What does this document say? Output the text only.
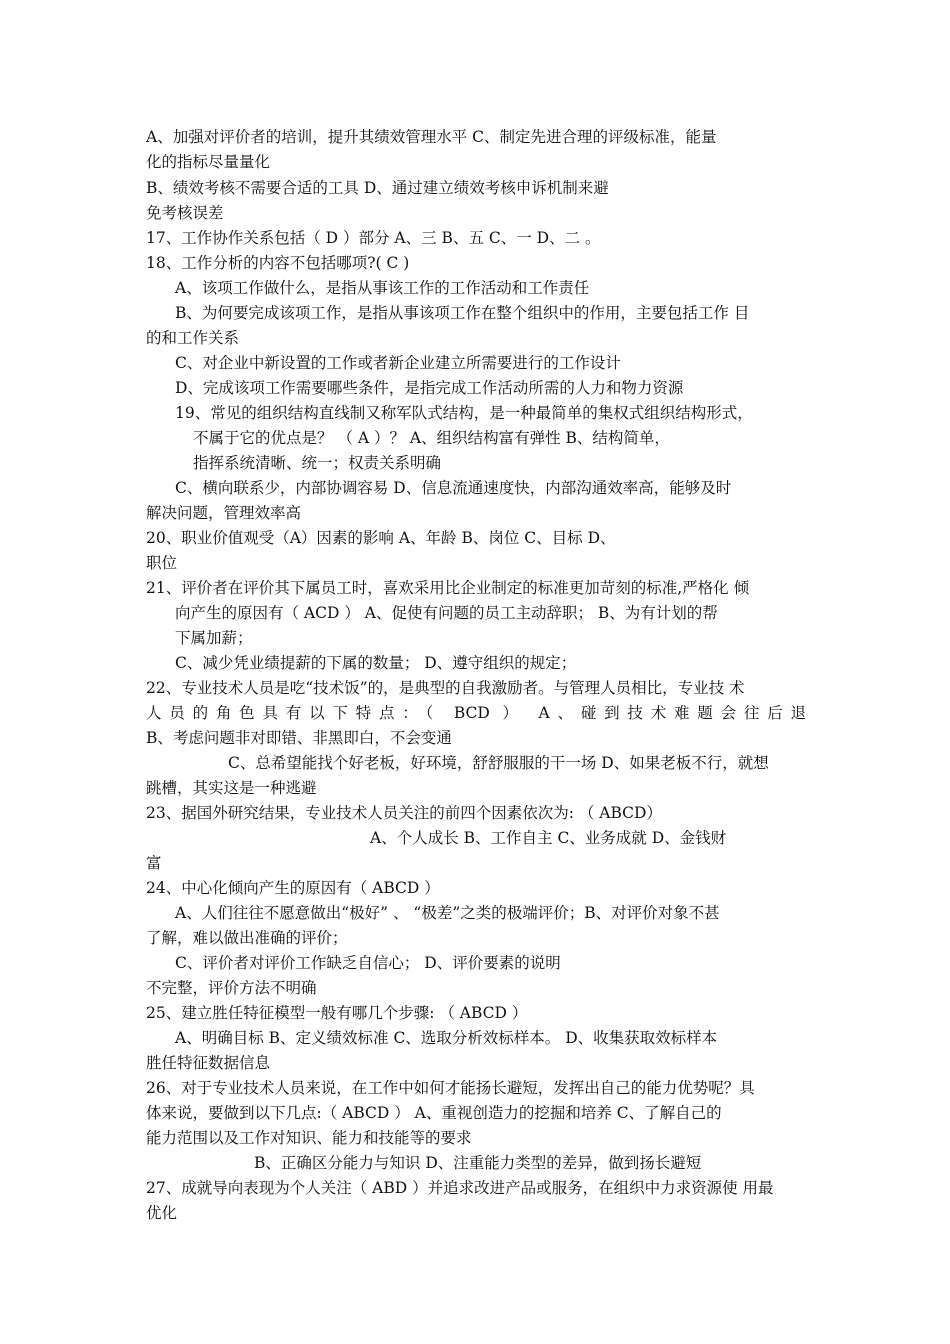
A、加强对评价者的培训，提升其绩效管理水平 C、制定先进合理的评级标准，能量
化的指标尽量量化
B、绩效考核不需要合适的工具 D、通过建立绩效考核申诉机制来避
免考核误差
17、工作协作关系包括（ D ）部分 A、三 B、五 C、一 D、二 。
18、工作分析的内容不包括哪项?( C )
A、该项工作做什么，是指从事该工作的工作活动和工作责任
B、为何要完成该项工作，是指从事该项工作在整个组织中的作用，主要包括工作 目
的和工作关系
C、对企业中新设置的工作或者新企业建立所需要进行的工作设计
D、完成该项工作需要哪些条件，是指完成工作活动所需的人力和物力资源
19、常见的组织结构直线制又称军队式结构，是一种最简单的集权式组织结构形式，
不属于它的优点是？ （ A ）？ A、组织结构富有弹性 B、结构简单，
指挥系统清晰、统一；权责关系明确
C、横向联系少，内部协调容易 D、信息流通速度快，内部沟通效率高，能够及时
解决问题，管理效率高
20、职业价值观受（A）因素的影响 A、年龄 B、岗位 C、目标 D、
职位
21、评价者在评价其下属员工时，喜欢采用比企业制定的标准更加苛刻的标准,严格化 倾
向产生的原因有（ ACD ） A、促使有问题的员工主动辞职； B、为有计划的帮
下属加薪；
C、减少凭业绩提薪的下属的数量； D、遵守组织的规定；
22、专业技术人员是吃“技术饭”的，是典型的自我激励者。与管理人员相比，专业技 术
人员的角色具有以下特点：（ BCD ） A、碰到技术难题会往后退
B、考虑问题非对即错、非黑即白，不会变通
C、总希望能找个好老板，好环境，舒舒服服的干一场 D、如果老板不行，就想
跳槽，其实这是一种逃避
23、据国外研究结果，专业技术人员关注的前四个因素依次为: （ ABCD）
A、个人成长 B、工作自主 C、业务成就 D、金钱财
富
24、中心化倾向产生的原因有（ ABCD ）
A、人们往往不愿意做出“极好” 、 “极差”之类的极端评价；B、对评价对象不甚
了解，难以做出准确的评价；
C、评价者对评价工作缺乏自信心； D、评价要素的说明
不完整，评价方法不明确
25、建立胜任特征模型一般有哪几个步骤: （ ABCD ）
A、明确目标 B、定义绩效标准 C、选取分析效标样本。 D、收集获取效标样本
胜任特征数据信息
26、对于专业技术人员来说，在工作中如何才能扬长避短，发挥出自己的能力优势呢？具
体来说，要做到以下几点:（ ABCD ） A、重视创造力的挖掘和培养 C、了解自己的
能力范围以及工作对知识、能力和技能等的要求
B、正确区分能力与知识 D、注重能力类型的差异，做到扬长避短
27、成就导向表现为个人关注（ ABD ）并追求改进产品或服务，在组织中力求资源使 用最
优化
